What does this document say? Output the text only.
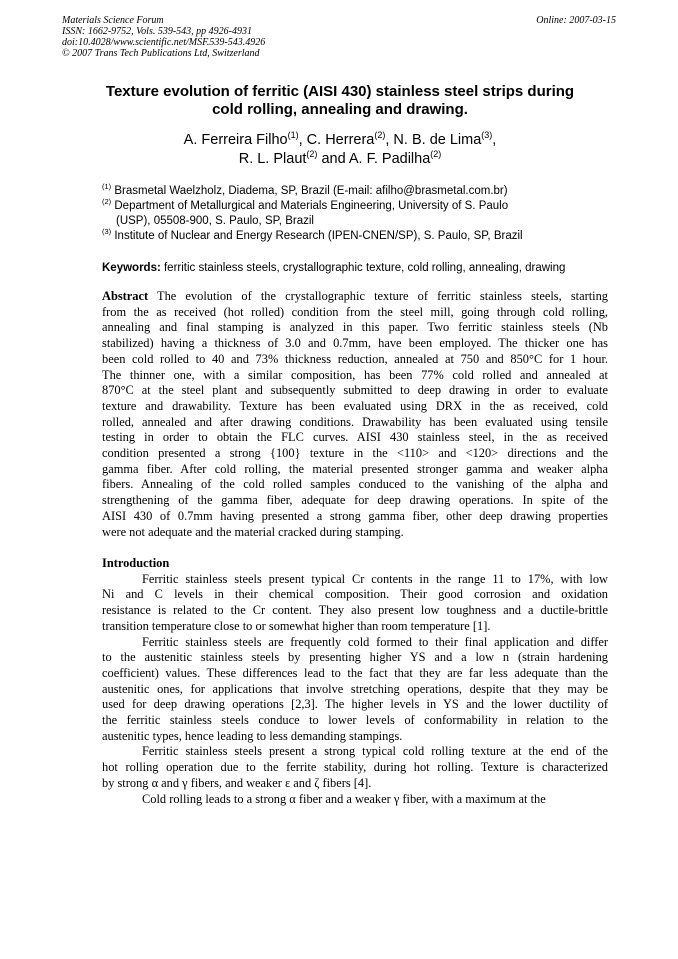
Materials Science Forum
ISSN: 1662-9752, Vols. 539-543, pp 4926-4931
doi:10.4028/www.scientific.net/MSF.539-543.4926
© 2007 Trans Tech Publications Ltd, Switzerland
Online: 2007-03-15
Texture evolution of ferritic (AISI 430) stainless steel strips during
cold rolling, annealing and drawing.
A. Ferreira Filho$^{(1)}$, C. Herrera$^{(2)}$, N. B. de Lima$^{(3)}$,
R. L. Plaut$^{(2)}$ and A. F. Padilha$^{(2)}$
$^{(1)}$ Brasmetal Waelzholz, Diadema, SP, Brazil (E-mail: afilho@brasmetal.com.br)
$^{(2)}$ Department of Metallurgical and Materials Engineering, University of S. Paulo
(USP), 05508-900, S. Paulo, SP, Brazil
$^{(3)}$ Institute of Nuclear and Energy Research (IPEN-CNEN/SP), S. Paulo, SP, Brazil
Keywords: ferritic stainless steels, crystallographic texture, cold rolling, annealing, drawing
Abstract The evolution of the crystallographic texture of ferritic stainless steels, starting
from the as received (hot rolled) condition from the steel mill, going through cold rolling,
annealing and final stamping is analyzed in this paper. Two ferritic stainless steels (Nb
stabilized) having a thickness of 3.0 and 0.7mm, have been employed. The thicker one has
been cold rolled to 40 and 73% thickness reduction, annealed at 750 and 850°C for 1 hour.
The thinner one, with a similar composition, has been 77% cold rolled and annealed at
870°C at the steel plant and subsequently submitted to deep drawing in order to evaluate
texture and drawability. Texture has been evaluated using DRX in the as received, cold
rolled, annealed and after drawing conditions. Drawability has been evaluated using tensile
testing in order to obtain the FLC curves. AISI 430 stainless steel, in the as received
condition presented a strong {100} texture in the <110> and <120> directions and the
gamma fiber. After cold rolling, the material presented stronger gamma and weaker alpha
fibers. Annealing of the cold rolled samples conduced to the vanishing of the alpha and
strengthening of the gamma fiber, adequate for deep drawing operations. In spite of the
AISI 430 of 0.7mm having presented a strong gamma fiber, other deep drawing properties
were not adequate and the material cracked during stamping.
Introduction
Ferritic stainless steels present typical Cr contents in the range 11 to 17%, with low
Ni and C levels in their chemical composition. Their good corrosion and oxidation
resistance is related to the Cr content. They also present low toughness and a ductile-brittle
transition temperature close to or somewhat higher than room temperature [1].
Ferritic stainless steels are frequently cold formed to their final application and differ
to the austenitic stainless steels by presenting higher YS and a low n (strain hardening
coefficient) values. These differences lead to the fact that they are far less adequate than the
austenitic ones, for applications that involve stretching operations, despite that they may be
used for deep drawing operations [2,3]. The higher levels in YS and the lower ductility of
the ferritic stainless steels conduce to lower levels of conformability in relation to the
austenitic types, hence leading to less demanding stampings.
Ferritic stainless steels present a strong typical cold rolling texture at the end of the
hot rolling operation due to the ferrite stability, during hot rolling. Texture is characterized
by strong α and γ fibers, and weaker ε and ζ fibers [4].
Cold rolling leads to a strong α fiber and a weaker γ fiber, with a maximum at the
